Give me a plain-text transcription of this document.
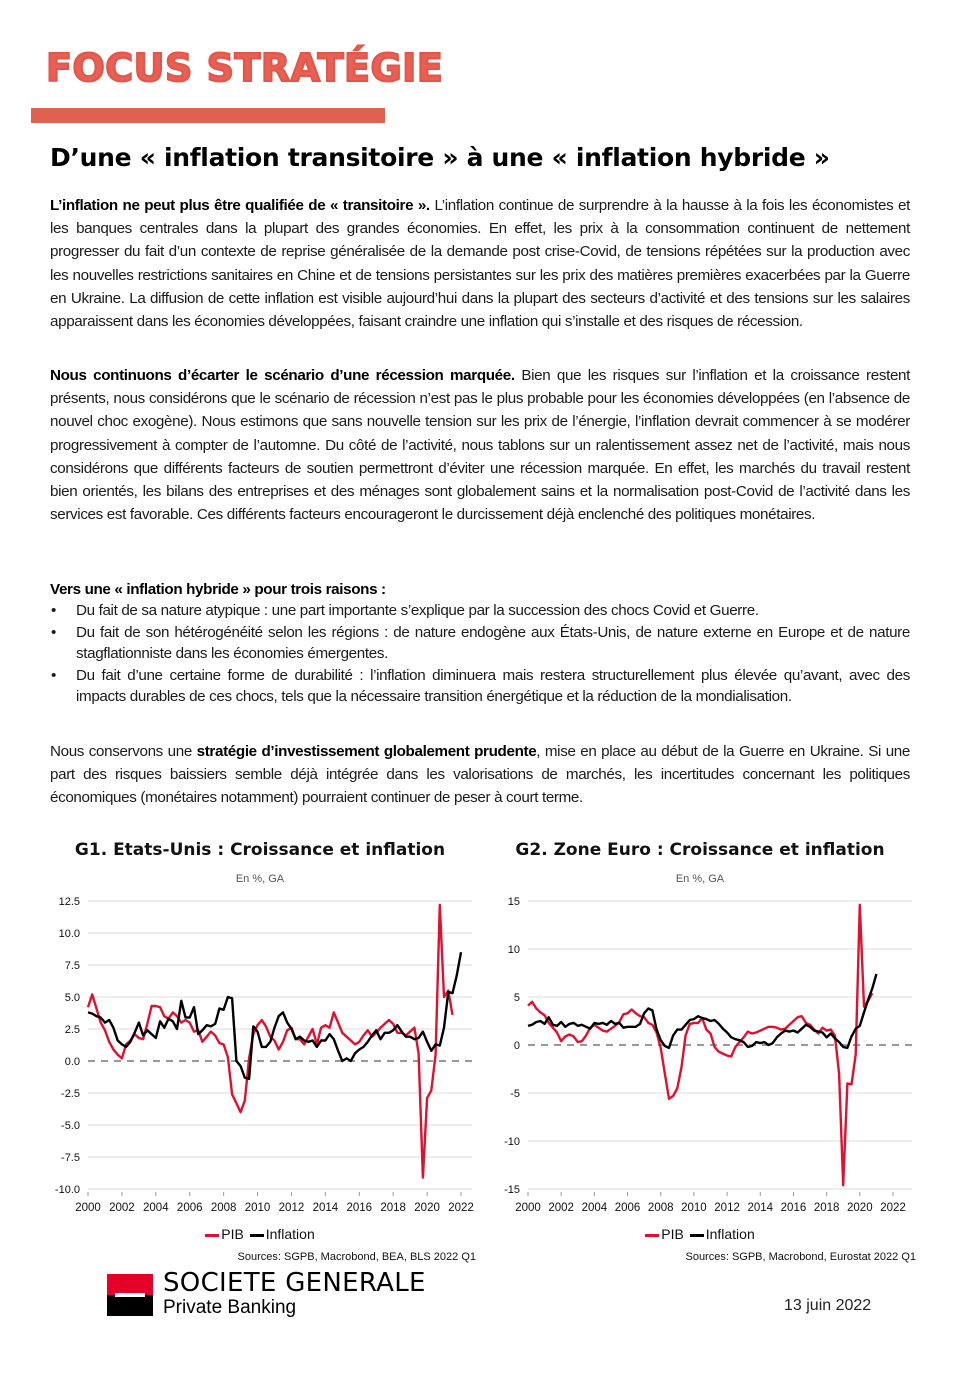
FOCUS STRATÉGIE
D’une « inflation transitoire » à une « inflation hybride »

L’inflation ne peut plus être qualifiée de « transitoire ». L’inflation continue de surprendre à la hausse à la fois les économistes et les banques centrales dans la plupart des grandes économies. En effet, les prix à la consommation continuent de nettement progresser du fait d’un contexte de reprise généralisée de la demande post crise-Covid, de tensions répétées sur la production avec les nouvelles restrictions sanitaires en Chine et de tensions persistantes sur les prix des matières premières exacerbées par la Guerre en Ukraine. La diffusion de cette inflation est visible aujourd’hui dans la plupart des secteurs d’activité et des tensions sur les salaires apparaissent dans les économies développées, faisant craindre une inflation qui s’installe et des risques de récession.

Nous continuons d’écarter le scénario d’une récession marquée. Bien que les risques sur l’inflation et la croissance restent présents, nous considérons que le scénario de récession n’est pas le plus probable pour les économies développées (en l’absence de nouvel choc exogène). Nous estimons que sans nouvelle tension sur les prix de l’énergie, l’inflation devrait commencer à se modérer progressivement à compter de l’automne. Du côté de l’activité, nous tablons sur un ralentissement assez net de l’activité, mais nous considérons que différents facteurs de soutien permettront d’éviter une récession marquée. En effet, les marchés du travail restent bien orientés, les bilans des entreprises et des ménages sont globalement sains et la normalisation post-Covid de l’activité dans les services est favorable. Ces différents facteurs encourageront le durcissement déjà enclenché des politiques monétaires.

Vers une « inflation hybride » pour trois raisons :
• Du fait de sa nature atypique : une part importante s’explique par la succession des chocs Covid et Guerre.
• Du fait de son hétérogénéité selon les régions : de nature endogène aux États-Unis, de nature externe en Europe et de nature stagflationniste dans les économies émergentes.
• Du fait d’une certaine forme de durabilité : l’inflation diminuera mais restera structurellement plus élevée qu’avant, avec des impacts durables de ces chocs, tels que la nécessaire transition énergétique et la réduction de la mondialisation.

Nous conservons une stratégie d’investissement globalement prudente, mise en place au début de la Guerre en Ukraine. Si une part des risques baissiers semble déjà intégrée dans les valorisations de marchés, les incertitudes concernant les politiques économiques (monétaires notamment) pourraient continuer de peser à court terme.

G1. Etats-Unis : Croissance et inflation
En %, GA
12.5
10.0
7.5
5.0
2.5
0.0
-2.5
-5.0
-7.5
-10.0
2000 2002 2004 2006 2008 2010 2012 2014 2016 2018 2020 2022
PIB Inflation
Sources: SGPB, Macrobond, BEA, BLS 2022 Q1
G2. Zone Euro : Croissance et inflation
En %, GA
15
10
5
0
-5
-10
-15
2000 2002 2004 2006 2008 2010 2012 2014 2016 2018 2020 2022
PIB Inflation
Sources: SGPB, Macrobond, Eurostat 2022 Q1
SOCIETE GENERALE
Private Banking	13 juin 2022
